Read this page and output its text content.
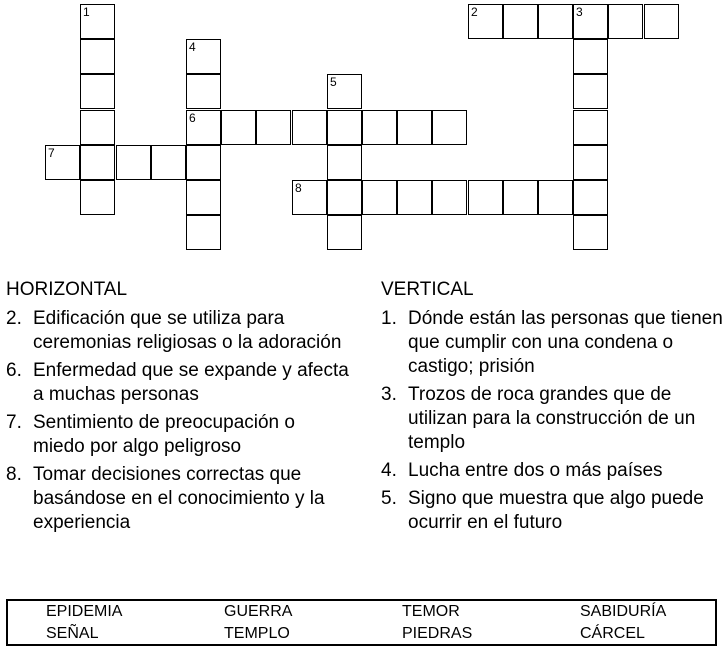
1	2	3
4
6
5
7
8
HORIZONTAL
2. Edificación que se utiliza para ceremonias religiosas o la adoración
6. Enfermedad que se expande y afecta a muchas personas
7. Sentimiento de preocupación o miedo por algo peligroso
8. Tomar decisiones correctas que basándose en el conocimiento y la experiencia
VERTICAL
1. Dónde están las personas que tienen que cumplir con una condena o castigo; prisión
3. Trozos de roca grandes que de utilizan para la construcción de un templo
4. Lucha entre dos o más países
5. Signo que muestra que algo puede ocurrir en el futuro
EPIDEMIA	GUERRA	TEMOR	SABIDURÍA
SEÑAL	TEMPLO	PIEDRAS	CÁRCEL
